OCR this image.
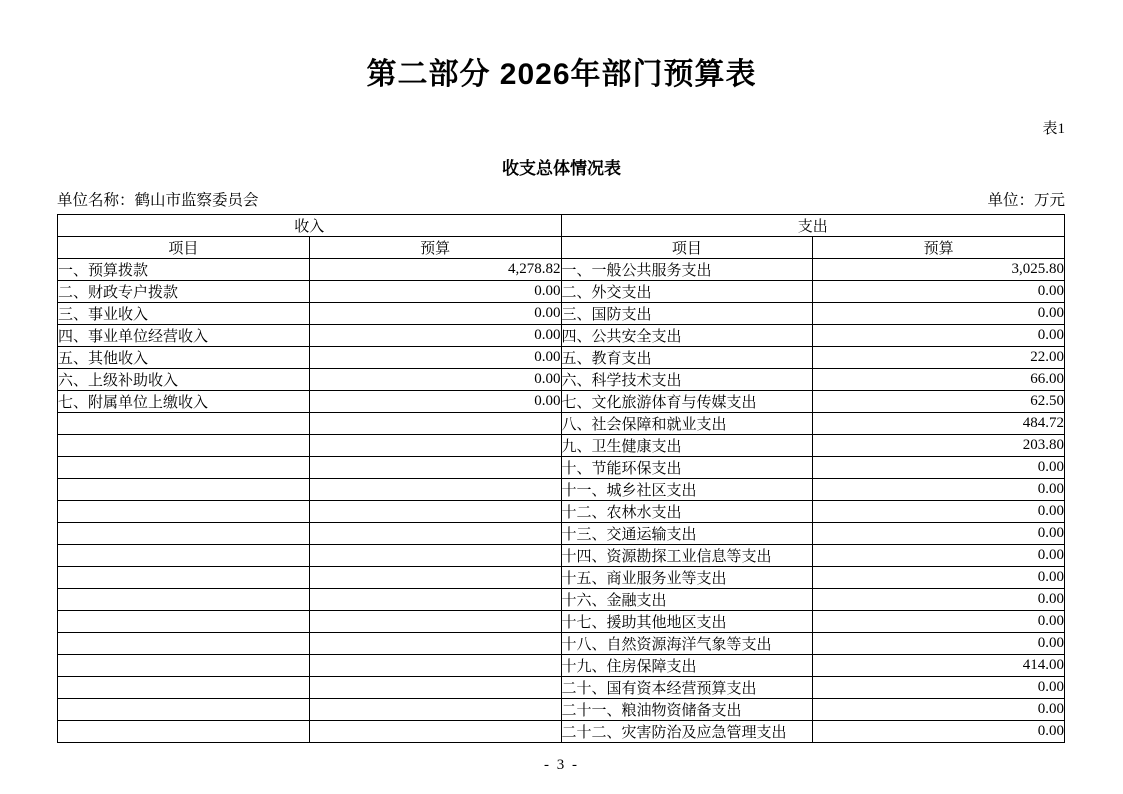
第二部分 2026年部门预算表
表1
收支总体情况表
单位名称：鹤山市监察委员会	单位：万元
收入		支出	
项目	预算	项目	预算
一、预算拨款	4,278.82	一、一般公共服务支出	3,025.80
二、财政专户拨款	0.00	二、外交支出	0.00
三、事业收入	0.00	三、国防支出	0.00
四、事业单位经营收入	0.00	四、公共安全支出	0.00
五、其他收入	0.00	五、教育支出	22.00
六、上级补助收入	0.00	六、科学技术支出	66.00
七、附属单位上缴收入	0.00	七、文化旅游体育与传媒支出	62.50
		八、社会保障和就业支出	484.72
		九、卫生健康支出	203.80
		十、节能环保支出	0.00
		十一、城乡社区支出	0.00
		十二、农林水支出	0.00
		十三、交通运输支出	0.00
		十四、资源勘探工业信息等支出	0.00
		十五、商业服务业等支出	0.00
		十六、金融支出	0.00
		十七、援助其他地区支出	0.00
		十八、自然资源海洋气象等支出	0.00
		十九、住房保障支出	414.00
		二十、国有资本经营预算支出	0.00
		二十一、粮油物资储备支出	0.00
		二十二、灾害防治及应急管理支出	0.00
- 3 -
